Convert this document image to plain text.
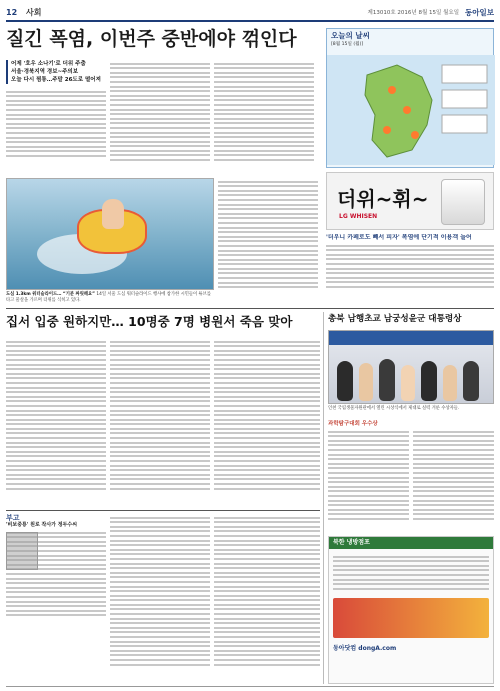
12	사회	제13010호 2016년 8월 15일 월요일 동아일보
질긴 폭염, 이번주 중반에야 꺾인다
어제 '호우 소나기'로 더위 주춤
서울·경북지역 경보~주의보
오늘 다시 찜통…주말 26도로 떨어져
도심 1.3km 워터슬라이드… “기분 짜릿해요” 14일 서울 도심 워터슬라이드 행사에 참가한 시민들이 튜브를 타고 물살을 가르며 더위를 식히고 있다.
오늘의 날씨
[8월 15일 (월)]
더위~휘~
LG WHISEN
'더우니 카페로도 빼서 피자' 폭염에 단기적 이용객 늘어
집서 입중 원하지만… 10명중 7명 병원서 죽음 맞아
부고
'비보중룡' 원로 작사가 정두수씨
총북 남행초교 남궁성윤군 대통령상
인천 국립생물자원관에서 열린 시상식에서 제대로 실력 겨룬 수상자들.
과학탐구대회 우수상
북한 냉방점포
동아닷컴 dongA.com
